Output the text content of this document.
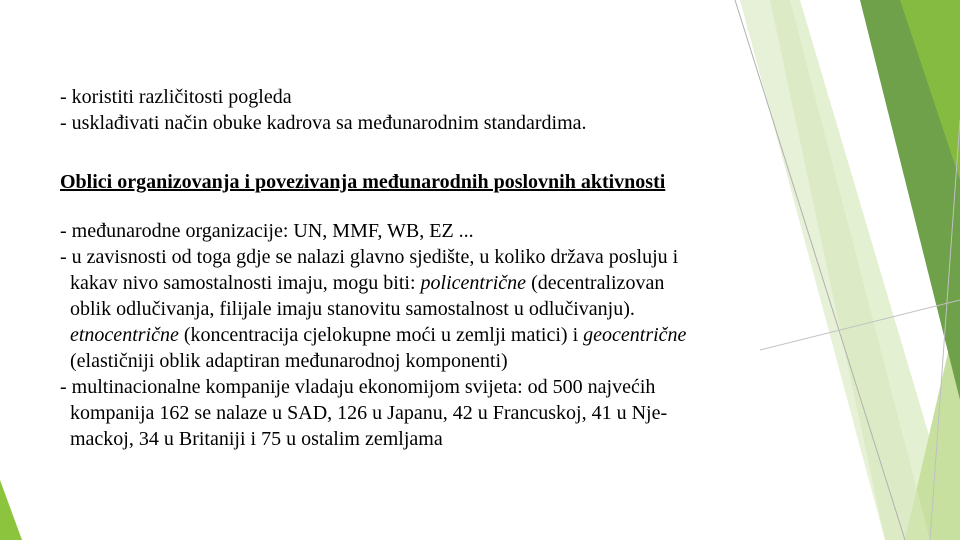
- koristiti različitosti pogleda
- usklađivati način obuke kadrova sa međunarodnim standardima.
Oblici organizovanja i povezivanja međunarodnih poslovnih aktivnosti
- međunarodne organizacije: UN, MMF, WB, EZ ...
- u zavisnosti od toga gdje se nalazi glavno sjedište, u koliko država posluju i
kakav nivo samostalnosti imaju, mogu biti: policentrične (decentralizovan
oblik odlučivanja, filijale imaju stanovitu samostalnost u odlučivanju).
etnocentrične (koncentracija cjelokupne moći u zemlji matici) i geocentrične
(elastičniji oblik adaptiran međunarodnoj komponenti)
- multinacionalne kompanije vladaju ekonomijom svijeta: od 500 najvećih
kompanija 162 se nalaze u SAD, 126 u Japanu, 42 u Francuskoj, 41 u Nje-
mackoj, 34 u Britaniji i 75 u ostalim zemljama
